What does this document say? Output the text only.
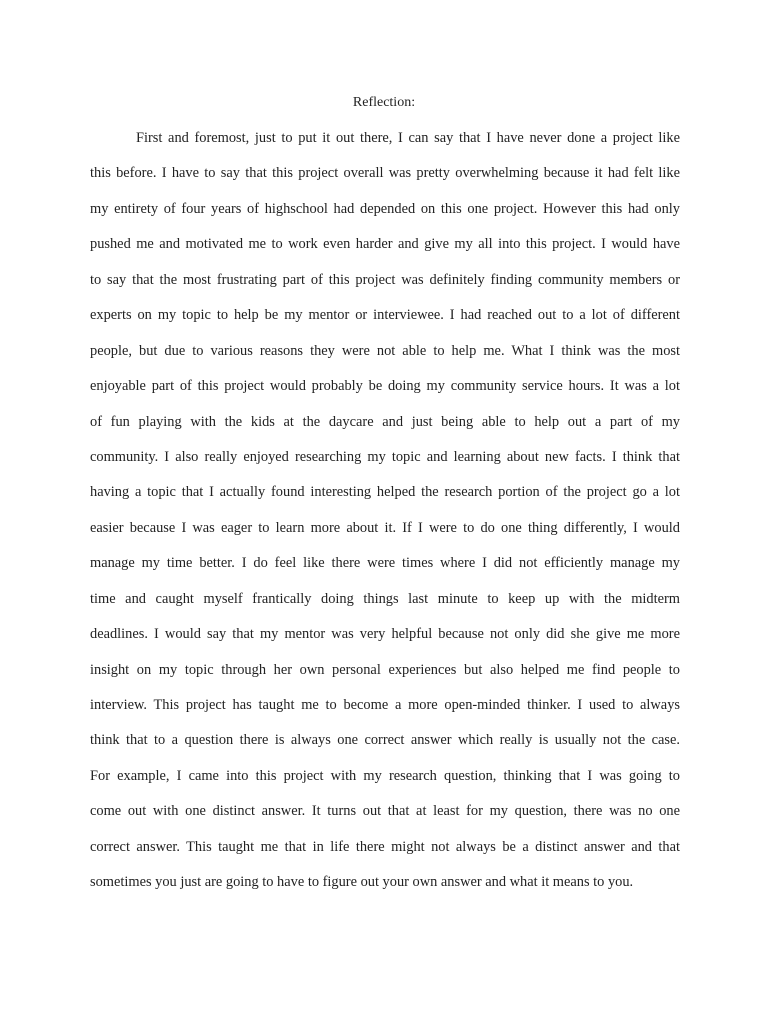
Reflection:
First and foremost, just to put it out there, I can say that I have never done a project like
this before. I have to say that this project overall was pretty overwhelming because it had felt like
my entirety of four years of highschool had depended on this one project. However this had only
pushed me and motivated me to work even harder and give my all into this project. I would have
to say that the most frustrating part of this project was definitely finding community members or
experts on my topic to help be my mentor or interviewee. I had reached out to a lot of different
people, but due to various reasons they were not able to help me. What I think was the most
enjoyable part of this project would probably be doing my community service hours. It was a lot
of fun playing with the kids at the daycare and just being able to help out a part of my
community. I also really enjoyed researching my topic and learning about new facts. I think that
having a topic that I actually found interesting helped the research portion of the project go a lot
easier because I was eager to learn more about it. If I were to do one thing differently, I would
manage my time better. I do feel like there were times where I did not efficiently manage my
time and caught myself frantically doing things last minute to keep up with the midterm
deadlines. I would say that my mentor was very helpful because not only did she give me more
insight on my topic through her own personal experiences but also helped me find people to
interview. This project has taught me to become a more open-minded thinker. I used to always
think that to a question there is always one correct answer which really is usually not the case.
For example, I came into this project with my research question, thinking that I was going to
come out with one distinct answer. It turns out that at least for my question, there was no one
correct answer. This taught me that in life there might not always be a distinct answer and that
sometimes you just are going to have to figure out your own answer and what it means to you.
